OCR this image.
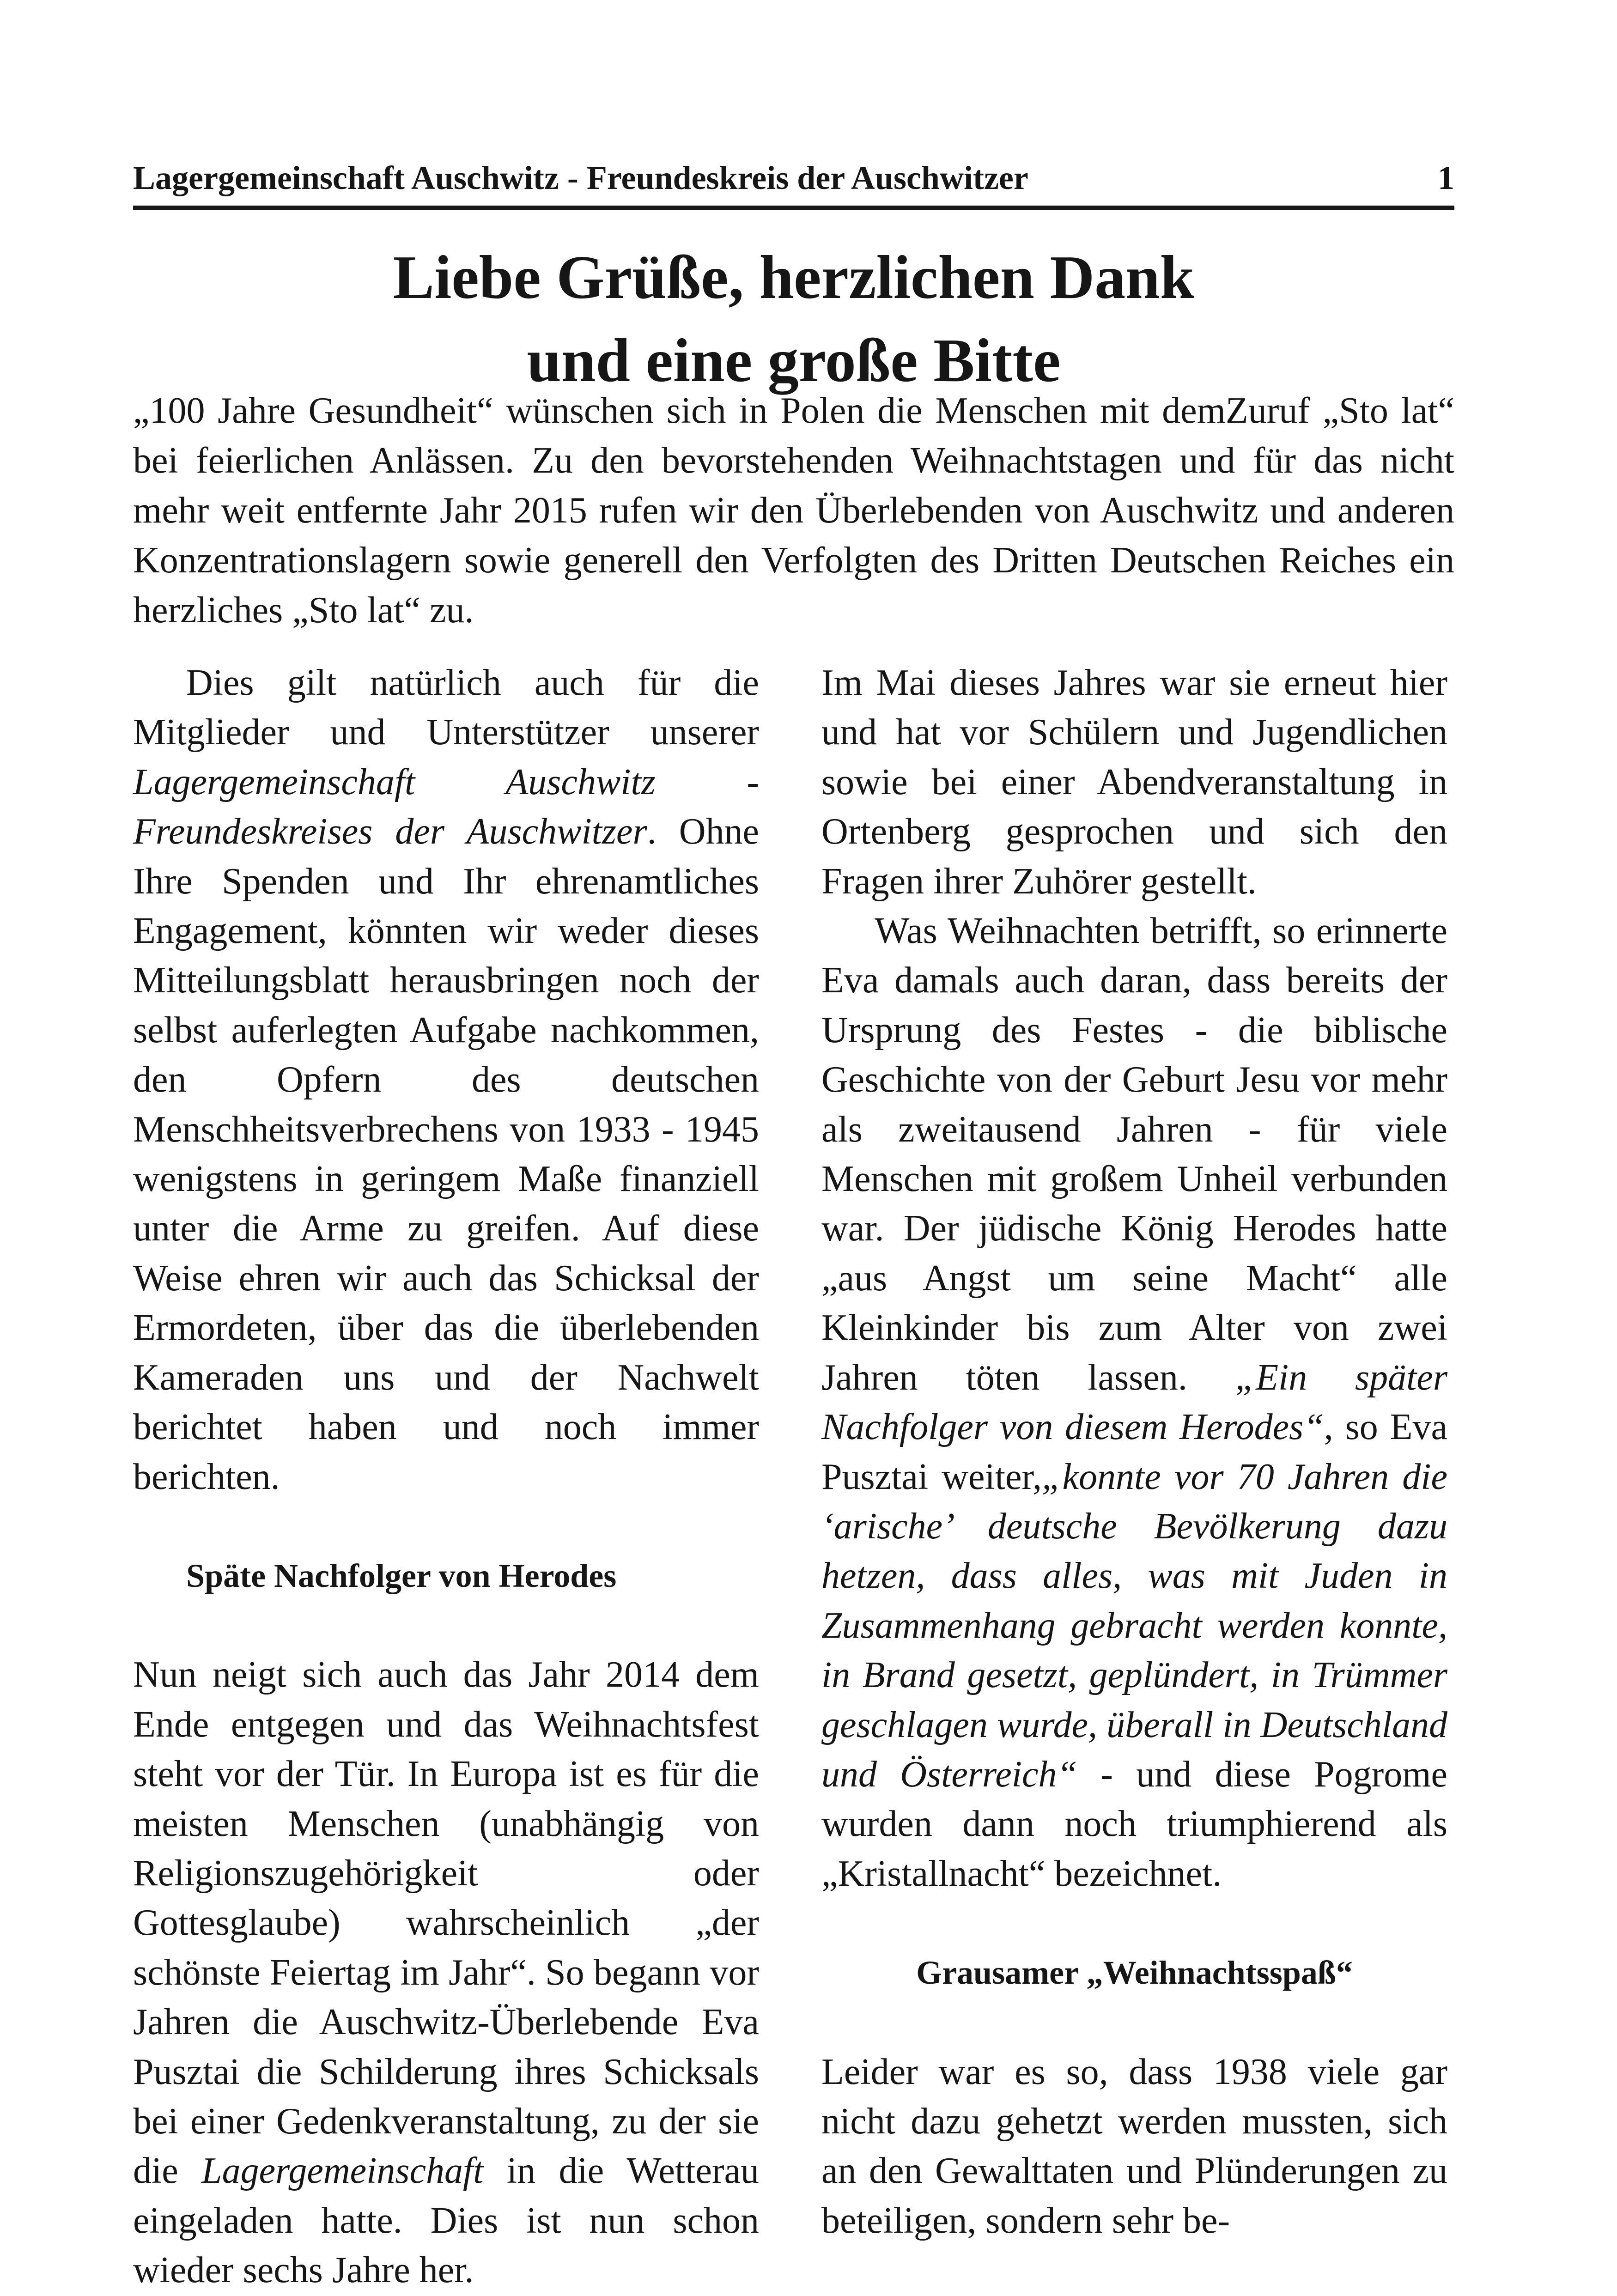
Lagergemeinschaft Auschwitz - Freundeskreis der Auschwitzer	1
Liebe Grüße, herzlichen Dank
und eine große Bitte

„100 Jahre Gesundheit“ wünschen sich in Polen die Menschen mit demZuruf „Sto lat“ bei feierlichen Anlässen. Zu den bevorstehenden Weihnachtstagen und für das nicht mehr weit entfernte Jahr 2015 rufen wir den Überlebenden von Auschwitz und anderen Konzentrationslagern sowie generell den Verfolgten des Dritten Deutschen Reiches ein herzliches „Sto lat“ zu.

Dies gilt natürlich auch für die Mitglieder und Unterstützer unserer Lagergemeinschaft Auschwitz - Freundeskreises der Auschwitzer. Ohne Ihre Spenden und Ihr ehrenamtliches Engagement, könnten wir weder dieses Mitteilungsblatt herausbringen noch der selbst auferlegten Aufgabe nachkommen, den Opfern des deutschen Menschheitsverbrechens von 1933 - 1945 wenigstens in geringem Maße finanziell unter die Arme zu greifen. Auf diese Weise ehren wir auch das Schicksal der Ermordeten, über das die überlebenden Kameraden uns und der Nachwelt berichtet haben und noch immer berichten.

Späte Nachfolger von Herodes

Nun neigt sich auch das Jahr 2014 dem Ende entgegen und das Weihnachtsfest steht vor der Tür. In Europa ist es für die meisten Menschen (unabhängig von Religionszugehörigkeit oder Gottesglaube) wahrscheinlich „der schönste Feiertag im Jahr“. So begann vor Jahren die Auschwitz-Überlebende Eva Pusztai die Schilderung ihres Schicksals bei einer Gedenkveranstaltung, zu der sie die Lagergemeinschaft in die Wetterau eingeladen hatte. Dies ist nun schon wieder sechs Jahre her.

Im Mai dieses Jahres war sie erneut hier und hat vor Schülern und Jugendlichen sowie bei einer Abendveranstaltung in Ortenberg gesprochen und sich den Fragen ihrer Zuhörer gestellt.

Was Weihnachten betrifft, so erinnerte Eva damals auch daran, dass bereits der Ursprung des Festes - die biblische Geschichte von der Geburt Jesu vor mehr als zweitausend Jahren - für viele Menschen mit großem Unheil verbunden war. Der jüdische König Herodes hatte „aus Angst um seine Macht“ alle Kleinkinder bis zum Alter von zwei Jahren töten lassen. „Ein später Nachfolger von diesem Herodes“, so Eva Pusztai weiter,„konnte vor 70 Jahren die ‘arische’ deutsche Bevölkerung dazu hetzen, dass alles, was mit Juden in Zusammenhang gebracht werden konnte, in Brand gesetzt, geplündert, in Trümmer geschlagen wurde, überall in Deutschland und Österreich“ - und diese Pogrome wurden dann noch triumphierend als „Kristallnacht“ bezeichnet.

Grausamer „Weihnachtsspaß“

Leider war es so, dass 1938 viele gar nicht dazu gehetzt werden mussten, sich an den Gewalttaten und Plünderungen zu beteiligen, sondern sehr be-
